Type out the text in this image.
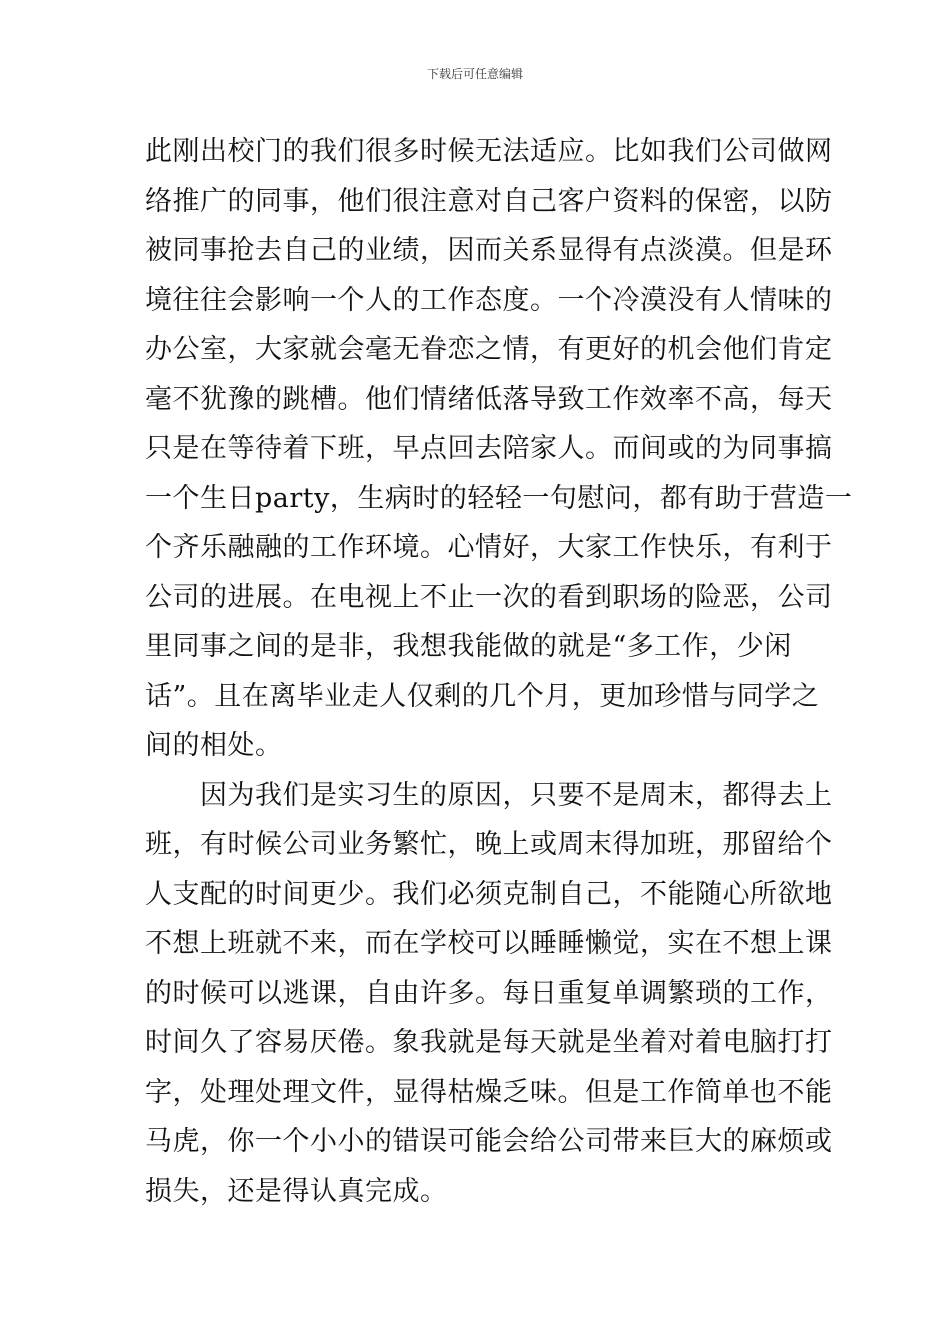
下载后可任意编辑
此刚出校门的我们很多时候无法适应。比如我们公司做网
络推广的同事，他们很注意对自己客户资料的保密，以防
被同事抢去自己的业绩，因而关系显得有点淡漠。但是环
境往往会影响一个人的工作态度。一个冷漠没有人情味的
办公室，大家就会毫无眷恋之情，有更好的机会他们肯定
毫不犹豫的跳槽。他们情绪低落导致工作效率不高，每天
只是在等待着下班，早点回去陪家人。而间或的为同事搞
一个生日party，生病时的轻轻一句慰问，都有助于营造一
个齐乐融融的工作环境。心情好，大家工作快乐，有利于
公司的进展。在电视上不止一次的看到职场的险恶，公司
里同事之间的是非，我想我能做的就是“多工作，少闲
话”。且在离毕业走人仅剩的几个月，更加珍惜与同学之
间的相处。
　　因为我们是实习生的原因，只要不是周末，都得去上
班，有时候公司业务繁忙，晚上或周末得加班，那留给个
人支配的时间更少。我们必须克制自己，不能随心所欲地
不想上班就不来，而在学校可以睡睡懒觉，实在不想上课
的时候可以逃课，自由许多。每日重复单调繁琐的工作，
时间久了容易厌倦。象我就是每天就是坐着对着电脑打打
字，处理处理文件，显得枯燥乏味。但是工作简单也不能
马虎，你一个小小的错误可能会给公司带来巨大的麻烦或
损失，还是得认真完成。
